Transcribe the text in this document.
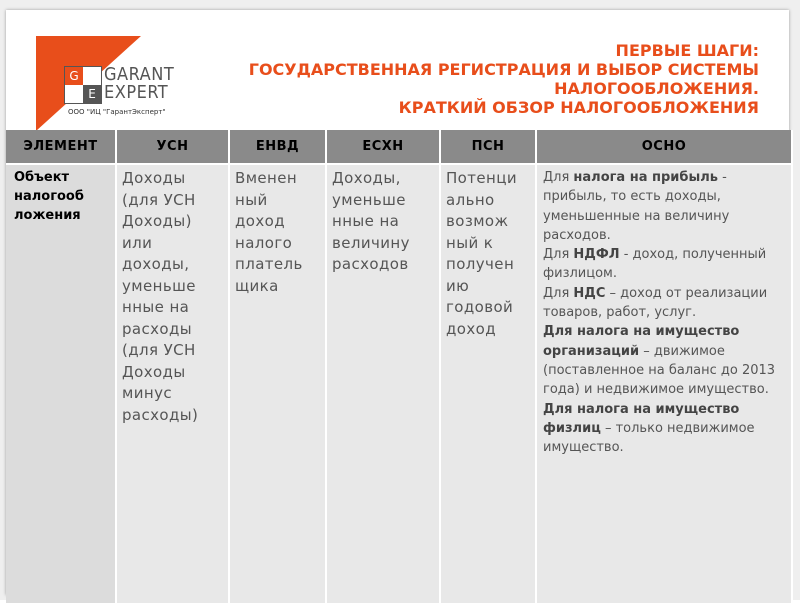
G
E
GARANT
EXPERT
ООО "ИЦ "ГарантЭксперт"
ПЕРВЫЕ ШАГИ:
ГОСУДАРСТВЕННАЯ РЕГИСТРАЦИЯ И ВЫБОР СИСТЕМЫ
НАЛОГООБЛОЖЕНИЯ.
КРАТКИЙ ОБЗОР НАЛОГООБЛОЖЕНИЯ
ЭЛЕМЕНТ	УСН	ЕНВД	ЕСХН	ПСН	ОСНО
Объект налогооб ложения	Доходы (для УСН Доходы) или доходы, уменьше нные на расходы (для УСН Доходы минус расходы)	Вменен ный доход налого платель щика	Доходы, уменьше нные на величину расходов	Потенци ально возмож ный к получен ию годовой доход	Для налога на прибыль - прибыль, то есть доходы, уменьшенные на величину расходов.
Для НДФЛ - доход, полученный физлицом.
Для НДС – доход от реализации товаров, работ, услуг.
Для налога на имущество организаций – движимое (поставленное на баланс до 2013 года) и недвижимое имущество.
Для налога на имущество физлиц – только недвижимое имущество.
